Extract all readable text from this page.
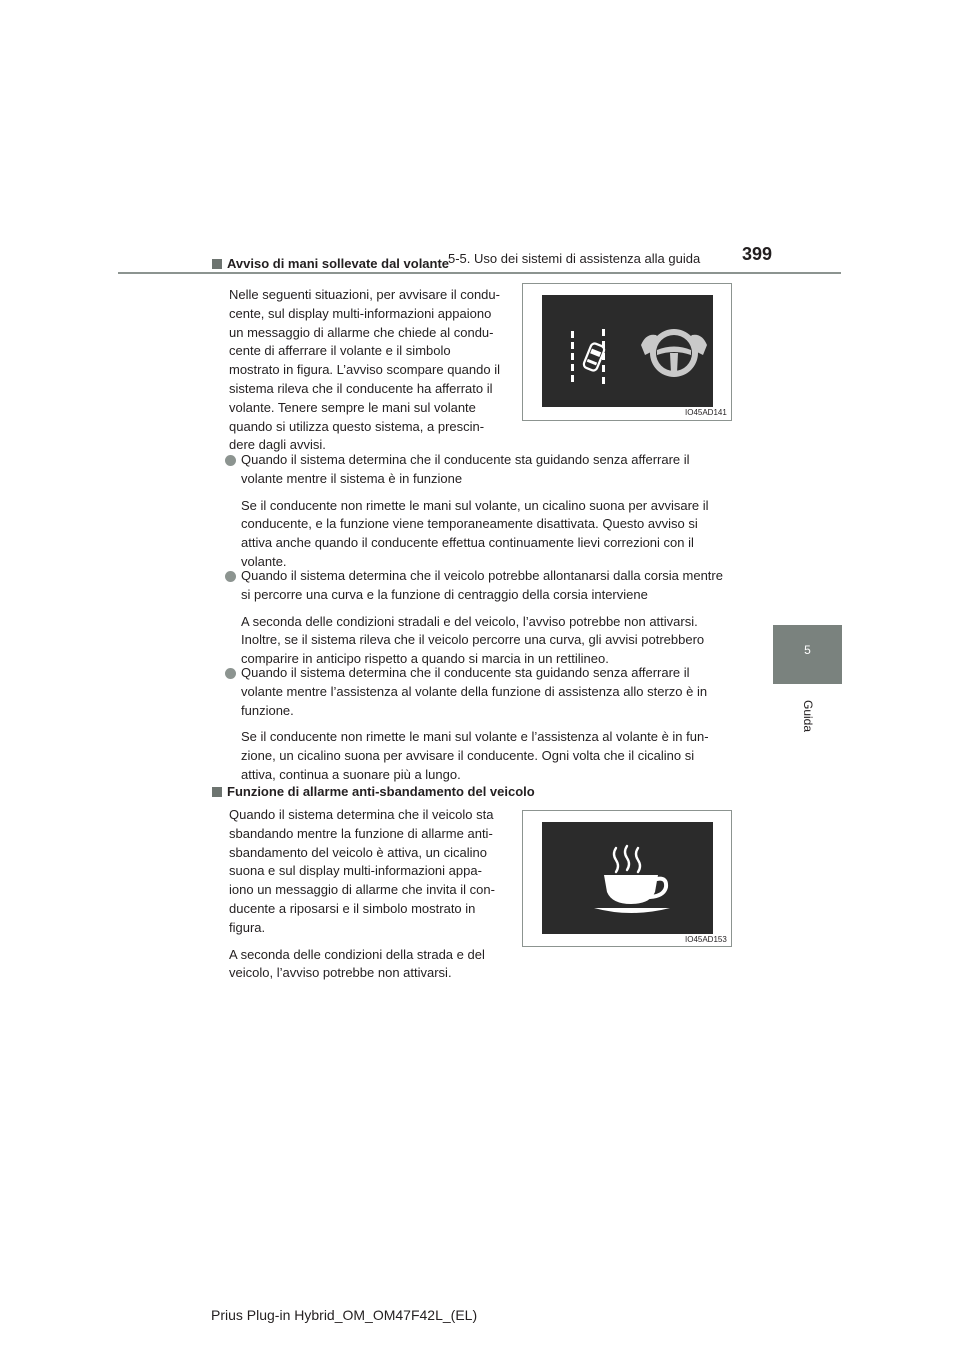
5-5. Uso dei sistemi di assistenza alla guida 399
5
Guida
Avviso di mani sollevate dal volante
Nelle seguenti situazioni, per avvisare il condu-
cente, sul display multi-informazioni appaiono
un messaggio di allarme che chiede al condu-
cente di afferrare il volante e il simbolo
mostrato in figura. L’avviso scompare quando il
sistema rileva che il conducente ha afferrato il
volante. Tenere sempre le mani sul volante
quando si utilizza questo sistema, a prescin-
dere dagli avvisi.
IO45AD141
Quando il sistema determina che il conducente sta guidando senza afferrare il
volante mentre il sistema è in funzione
Se il conducente non rimette le mani sul volante, un cicalino suona per avvisare il
conducente, e la funzione viene temporaneamente disattivata. Questo avviso si
attiva anche quando il conducente effettua continuamente lievi correzioni con il
volante.
Quando il sistema determina che il veicolo potrebbe allontanarsi dalla corsia mentre
si percorre una curva e la funzione di centraggio della corsia interviene
A seconda delle condizioni stradali e del veicolo, l’avviso potrebbe non attivarsi.
Inoltre, se il sistema rileva che il veicolo percorre una curva, gli avvisi potrebbero
comparire in anticipo rispetto a quando si marcia in un rettilineo.
Quando il sistema determina che il conducente sta guidando senza afferrare il
volante mentre l’assistenza al volante della funzione di assistenza allo sterzo è in
funzione.
Se il conducente non rimette le mani sul volante e l’assistenza al volante è in fun-
zione, un cicalino suona per avvisare il conducente. Ogni volta che il cicalino si
attiva, continua a suonare più a lungo.
Funzione di allarme anti-sbandamento del veicolo
Quando il sistema determina che il veicolo sta
sbandando mentre la funzione di allarme anti-
sbandamento del veicolo è attiva, un cicalino
suona e sul display multi-informazioni appa-
iono un messaggio di allarme che invita il con-
ducente a riposarsi e il simbolo mostrato in
figura.
A seconda delle condizioni della strada e del
veicolo, l’avviso potrebbe non attivarsi.
IO45AD153
Prius Plug-in Hybrid_OM_OM47F42L_(EL)
